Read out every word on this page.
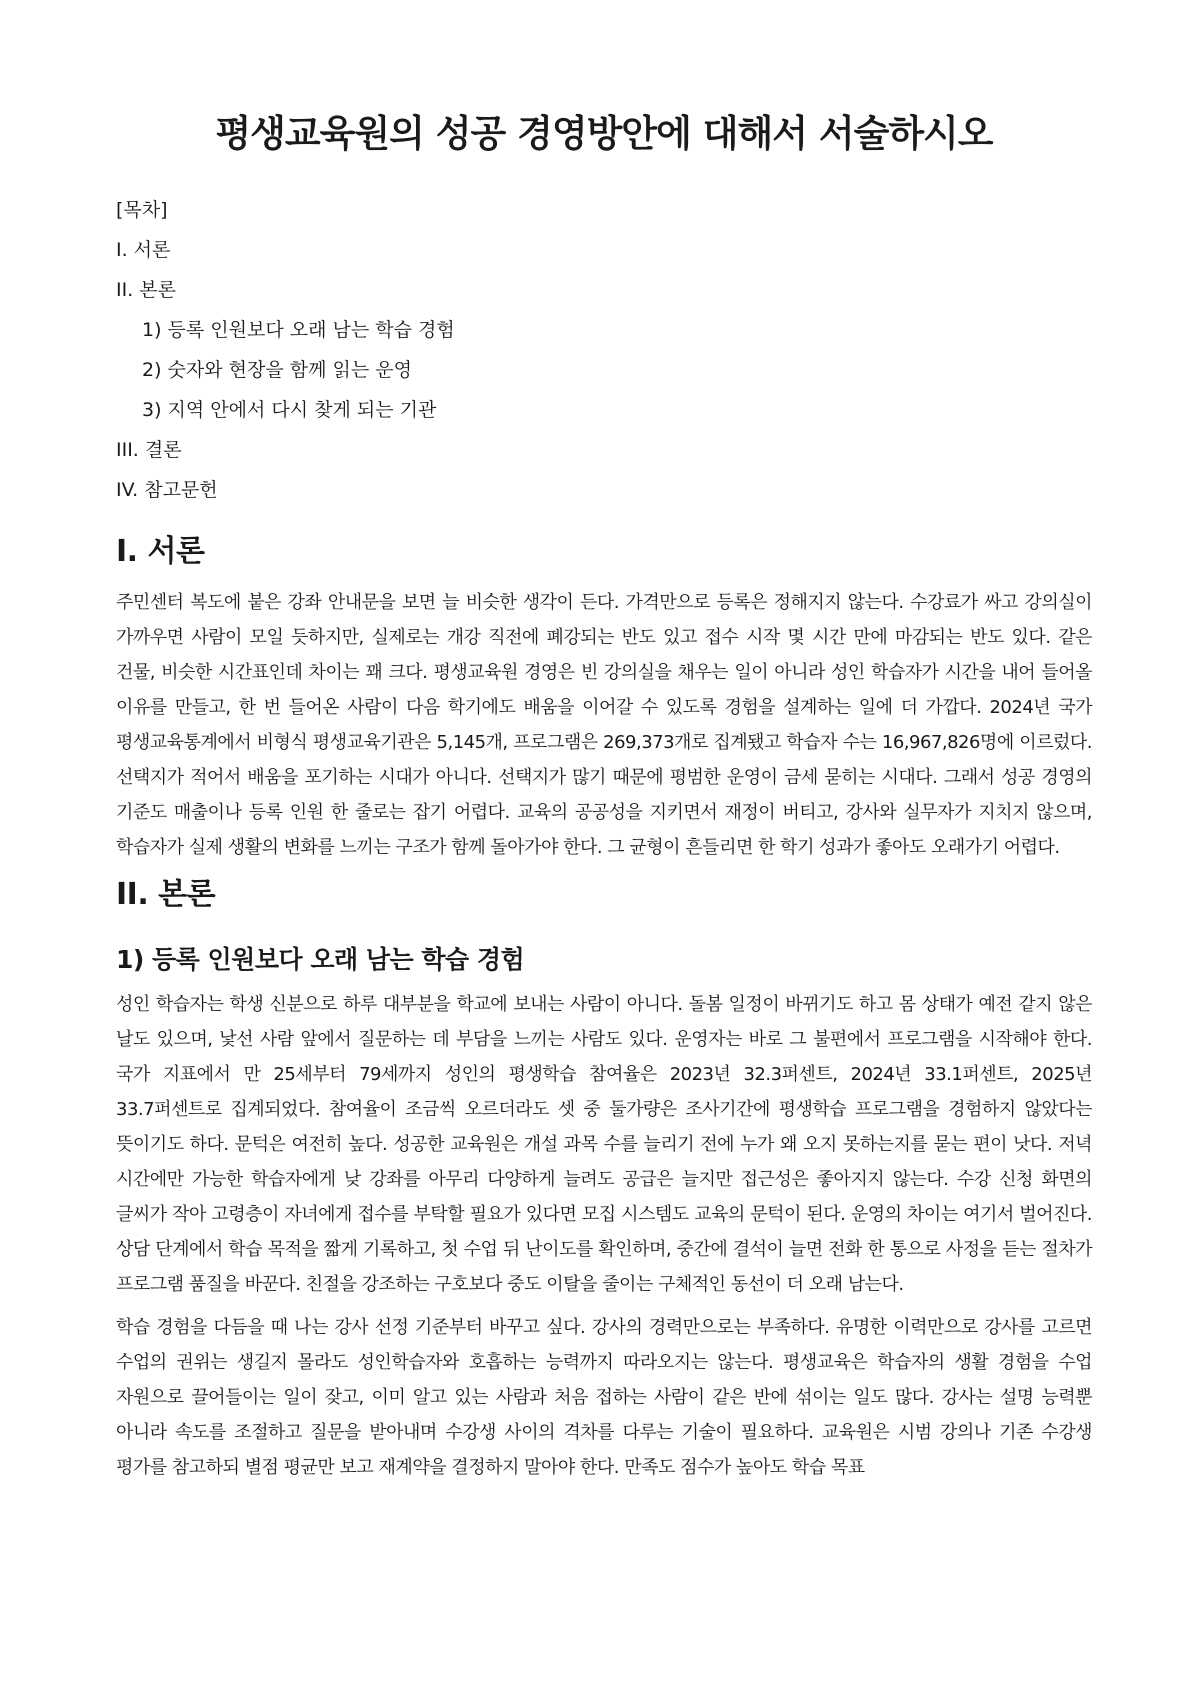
평생교육원의 성공 경영방안에 대해서 서술하시오
[목차]
I. 서론
II. 본론
1) 등록 인원보다 오래 남는 학습 경험
2) 숫자와 현장을 함께 읽는 운영
3) 지역 안에서 다시 찾게 되는 기관
III. 결론
IV. 참고문헌
I. 서론

주민센터 복도에 붙은 강좌 안내문을 보면 늘 비슷한 생각이 든다. 가격만으로 등록은 정해지지 않는다. 수강료가 싸고 강의실이 가까우면 사람이 모일 듯하지만, 실제로는 개강 직전에 폐강되는 반도 있고 접수 시작 몇 시간 만에 마감되는 반도 있다. 같은 건물, 비슷한 시간표인데 차이는 꽤 크다. 평생교육원 경영은 빈 강의실을 채우는 일이 아니라 성인 학습자가 시간을 내어 들어올 이유를 만들고, 한 번 들어온 사람이 다음 학기에도 배움을 이어갈 수 있도록 경험을 설계하는 일에 더 가깝다. 2024년 국가 평생교육통계에서 비형식 평생교육기관은 5,145개, 프로그램은 269,373개로 집계됐고 학습자 수는 16,967,826명에 이르렀다. 선택지가 적어서 배움을 포기하는 시대가 아니다. 선택지가 많기 때문에 평범한 운영이 금세 묻히는 시대다. 그래서 성공 경영의 기준도 매출이나 등록 인원 한 줄로는 잡기 어렵다. 교육의 공공성을 지키면서 재정이 버티고, 강사와 실무자가 지치지 않으며, 학습자가 실제 생활의 변화를 느끼는 구조가 함께 돌아가야 한다. 그 균형이 흔들리면 한 학기 성과가 좋아도 오래가기 어렵다.

II. 본론
1) 등록 인원보다 오래 남는 학습 경험

성인 학습자는 학생 신분으로 하루 대부분을 학교에 보내는 사람이 아니다. 돌봄 일정이 바뀌기도 하고 몸 상태가 예전 같지 않은 날도 있으며, 낯선 사람 앞에서 질문하는 데 부담을 느끼는 사람도 있다. 운영자는 바로 그 불편에서 프로그램을 시작해야 한다. 국가 지표에서 만 25세부터 79세까지 성인의 평생학습 참여율은 2023년 32.3퍼센트, 2024년 33.1퍼센트, 2025년 33.7퍼센트로 집계되었다. 참여율이 조금씩 오르더라도 셋 중 둘가량은 조사기간에 평생학습 프로그램을 경험하지 않았다는 뜻이기도 하다. 문턱은 여전히 높다. 성공한 교육원은 개설 과목 수를 늘리기 전에 누가 왜 오지 못하는지를 묻는 편이 낫다. 저녁 시간에만 가능한 학습자에게 낮 강좌를 아무리 다양하게 늘려도 공급은 늘지만 접근성은 좋아지지 않는다. 수강 신청 화면의 글씨가 작아 고령층이 자녀에게 접수를 부탁할 필요가 있다면 모집 시스템도 교육의 문턱이 된다. 운영의 차이는 여기서 벌어진다. 상담 단계에서 학습 목적을 짧게 기록하고, 첫 수업 뒤 난이도를 확인하며, 중간에 결석이 늘면 전화 한 통으로 사정을 듣는 절차가 프로그램 품질을 바꾼다. 친절을 강조하는 구호보다 중도 이탈을 줄이는 구체적인 동선이 더 오래 남는다.

학습 경험을 다듬을 때 나는 강사 선정 기준부터 바꾸고 싶다. 강사의 경력만으로는 부족하다. 유명한 이력만으로 강사를 고르면 수업의 권위는 생길지 몰라도 성인학습자와 호흡하는 능력까지 따라오지는 않는다. 평생교육은 학습자의 생활 경험을 수업 자원으로 끌어들이는 일이 잦고, 이미 알고 있는 사람과 처음 접하는 사람이 같은 반에 섞이는 일도 많다. 강사는 설명 능력뿐 아니라 속도를 조절하고 질문을 받아내며 수강생 사이의 격차를 다루는 기술이 필요하다. 교육원은 시범 강의나 기존 수강생 평가를 참고하되 별점 평균만 보고 재계약을 결정하지 말아야 한다. 만족도 점수가 높아도 학습 목표
